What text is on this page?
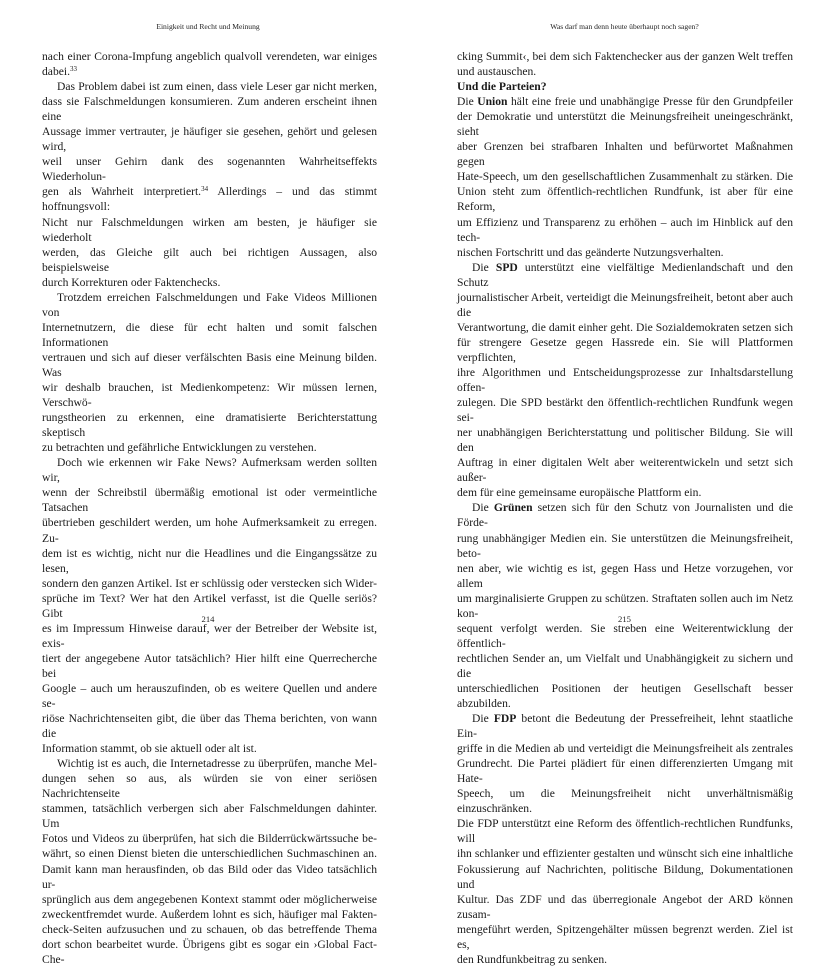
Einigkeit und Recht und Meinung

nach einer Corona-Impfung angeblich qualvoll verendeten, war einiges
dabei.$^{33}$

Das Problem dabei ist zum einen, dass viele Leser gar nicht merken,
dass sie Falschmeldungen konsumieren. Zum anderen erscheint ihnen eine
Aussage immer vertrauter, je häufiger sie gesehen, gehört und gelesen wird,
weil unser Gehirn dank des sogenannten Wahrheitseffekts Wiederholun-
gen als Wahrheit interpretiert.$^{34}$ Allerdings – und das stimmt hoffnungsvoll:
Nicht nur Falschmeldungen wirken am besten, je häufiger sie wiederholt
werden, das Gleiche gilt auch bei richtigen Aussagen, also beispielsweise
durch Korrekturen oder Faktenchecks.

Trotzdem erreichen Falschmeldungen und Fake Videos Millionen von
Internetnutzern, die diese für echt halten und somit falschen Informationen
vertrauen und sich auf dieser verfälschten Basis eine Meinung bilden. Was
wir deshalb brauchen, ist Medienkompetenz: Wir müssen lernen, Verschwö-
rungstheorien zu erkennen, eine dramatisierte Berichterstattung skeptisch
zu betrachten und gefährliche Entwicklungen zu verstehen.

Doch wie erkennen wir Fake News? Aufmerksam werden sollten wir,
wenn der Schreibstil übermäßig emotional ist oder vermeintliche Tatsachen
übertrieben geschildert werden, um hohe Aufmerksamkeit zu erregen. Zu-
dem ist es wichtig, nicht nur die Headlines und die Eingangssätze zu lesen,
sondern den ganzen Artikel. Ist er schlüssig oder verstecken sich Wider-
sprüche im Text? Wer hat den Artikel verfasst, ist die Quelle seriös? Gibt
es im Impressum Hinweise darauf, wer der Betreiber der Website ist, exis-
tiert der angegebene Autor tatsächlich? Hier hilft eine Querrecherche bei
Google – auch um herauszufinden, ob es weitere Quellen und andere se-
riöse Nachrichtenseiten gibt, die über das Thema berichten, von wann die
Information stammt, ob sie aktuell oder alt ist.

Wichtig ist es auch, die Internetadresse zu überprüfen, manche Mel-
dungen sehen so aus, als würden sie von einer seriösen Nachrichtenseite
stammen, tatsächlich verbergen sich aber Falschmeldungen dahinter. Um
Fotos und Videos zu überprüfen, hat sich die Bilderrückwärtssuche be-
währt, so einen Dienst bieten die unterschiedlichen Suchmaschinen an.
Damit kann man herausfinden, ob das Bild oder das Video tatsächlich ur-
sprünglich aus dem angegebenen Kontext stammt oder möglicherweise
zweckentfremdet wurde. Außerdem lohnt es sich, häufiger mal Fakten-
check-Seiten aufzusuchen und zu schauen, ob das betreffende Thema
dort schon bearbeitet wurde. Übrigens gibt es sogar ein ›Global Fact-Che-

214
Was darf man denn heute überhaupt noch sagen?

cking Summit‹, bei dem sich Faktenchecker aus der ganzen Welt treffen
und austauschen.

Und die Parteien?

Die Union hält eine freie und unabhängige Presse für den Grundpfeiler
der Demokratie und unterstützt die Meinungsfreiheit uneingeschränkt, sieht
aber Grenzen bei strafbaren Inhalten und befürwortet Maßnahmen gegen
Hate-Speech, um den gesellschaftlichen Zusammenhalt zu stärken. Die
Union steht zum öffentlich-rechtlichen Rundfunk, ist aber für eine Reform,
um Effizienz und Transparenz zu erhöhen – auch im Hinblick auf den tech-
nischen Fortschritt und das geänderte Nutzungsverhalten.

Die SPD unterstützt eine vielfältige Medienlandschaft und den Schutz
journalistischer Arbeit, verteidigt die Meinungsfreiheit, betont aber auch die
Verantwortung, die damit einher geht. Die Sozialdemokraten setzen sich
für strengere Gesetze gegen Hassrede ein. Sie will Plattformen verpflichten,
ihre Algorithmen und Entscheidungsprozesse zur Inhaltsdarstellung offen-
zulegen. Die SPD bestärkt den öffentlich-rechtlichen Rundfunk wegen sei-
ner unabhängigen Berichterstattung und politischer Bildung. Sie will den
Auftrag in einer digitalen Welt aber weiterentwickeln und setzt sich außer-
dem für eine gemeinsame europäische Plattform ein.

Die Grünen setzen sich für den Schutz von Journalisten und die Förde-
rung unabhängiger Medien ein. Sie unterstützen die Meinungsfreiheit, beto-
nen aber, wie wichtig es ist, gegen Hass und Hetze vorzugehen, vor allem
um marginalisierte Gruppen zu schützen. Straftaten sollen auch im Netz kon-
sequent verfolgt werden. Sie streben eine Weiterentwicklung der öffentlich-
rechtlichen Sender an, um Vielfalt und Unabhängigkeit zu sichern und die
unterschiedlichen Positionen der heutigen Gesellschaft besser abzubilden.

Die FDP betont die Bedeutung der Pressefreiheit, lehnt staatliche Ein-
griffe in die Medien ab und verteidigt die Meinungsfreiheit als zentrales
Grundrecht. Die Partei plädiert für einen differenzierten Umgang mit Hate-
Speech, um die Meinungsfreiheit nicht unverhältnismäßig einzuschränken.
Die FDP unterstützt eine Reform des öffentlich-rechtlichen Rundfunks, will
ihn schlanker und effizienter gestalten und wünscht sich eine inhaltliche
Fokussierung auf Nachrichten, politische Bildung, Dokumentationen und
Kultur. Das ZDF und das überregionale Angebot der ARD können zusam-
mengeführt werden, Spitzengehälter müssen begrenzt werden. Ziel ist es,
den Rundfunkbeitrag zu senken.

215
